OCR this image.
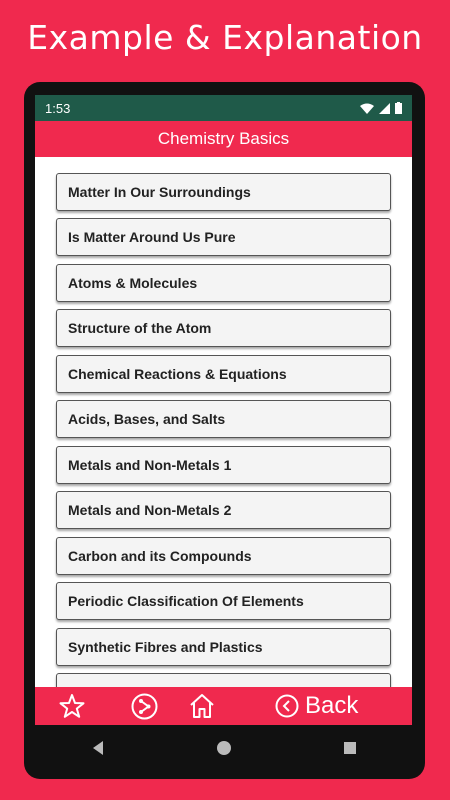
Example & Explanation
1:53
Chemistry Basics
Matter In Our Surroundings
Is Matter Around Us Pure
Atoms & Molecules
Structure of the Atom
Chemical Reactions & Equations
Acids, Bases, and Salts
Metals and Non-Metals 1
Metals and Non-Metals 2
Carbon and its Compounds
Periodic Classification Of Elements
Synthetic Fibres and Plastics
Back
